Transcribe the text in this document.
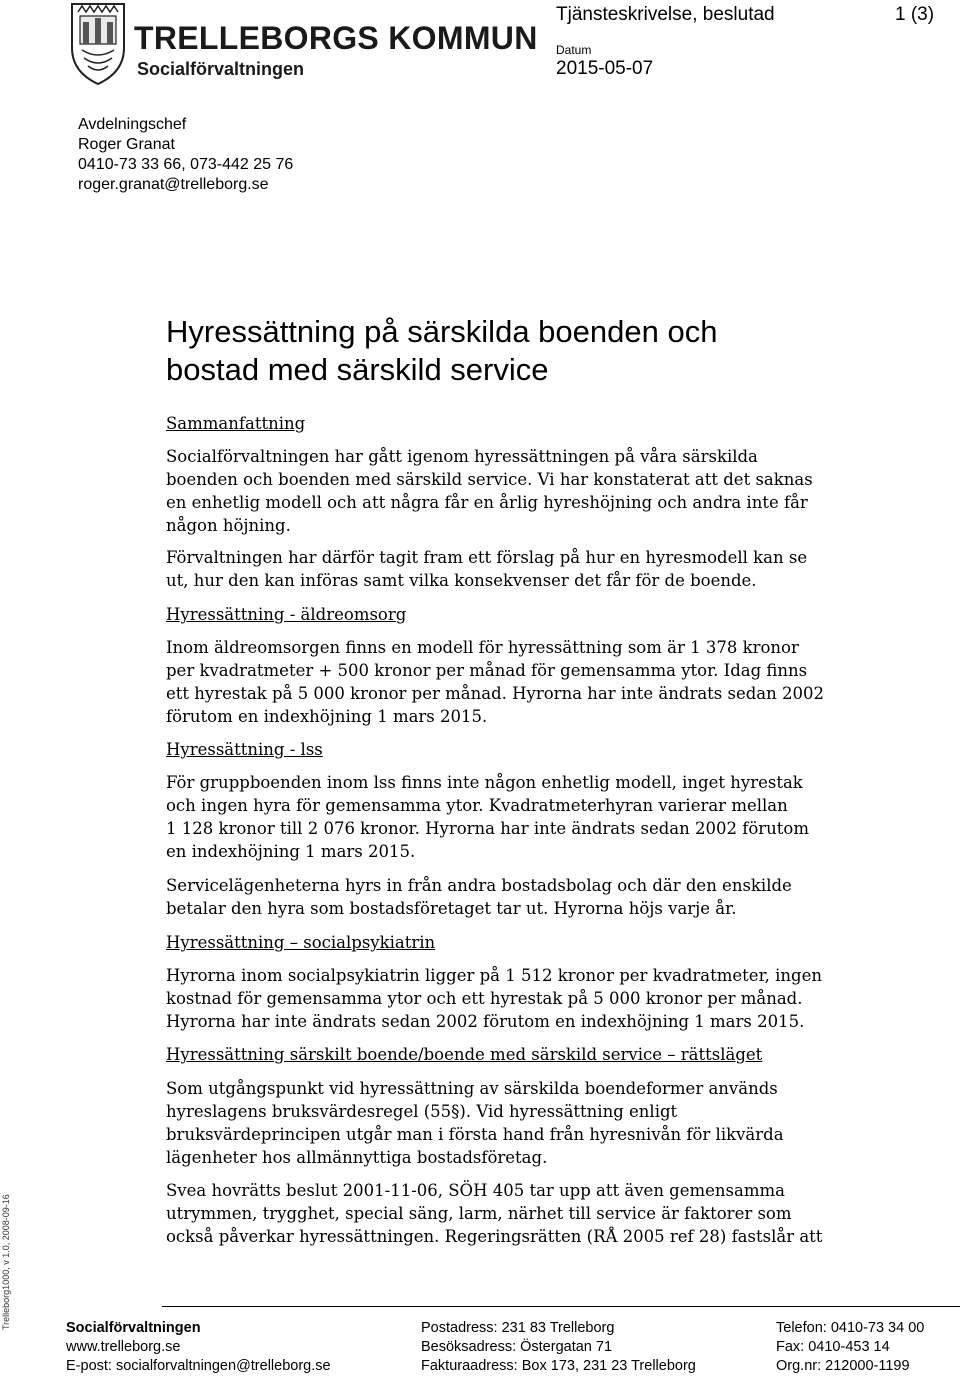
TRELLEBORGS KOMMUN
Socialförvaltningen
Tjänsteskrivelse, beslutad	1 (3)
Datum
2015-05-07
Avdelningschef
Roger Granat
0410-73 33 66, 073-442 25 76
roger.granat@trelleborg.se
Hyressättning på särskilda boenden och
bostad med särskild service

Sammanfattning

Socialförvaltningen har gått igenom hyressättningen på våra särskilda

boenden och boenden med särskild service. Vi har konstaterat att det saknas

en enhetlig modell och att några får en årlig hyreshöjning och andra inte får

någon höjning.

Förvaltningen har därför tagit fram ett förslag på hur en hyresmodell kan se

ut, hur den kan införas samt vilka konsekvenser det får för de boende.

Hyressättning - äldreomsorg

Inom äldreomsorgen finns en modell för hyressättning som är 1 378 kronor

per kvadratmeter + 500 kronor per månad för gemensamma ytor. Idag finns

ett hyrestak på 5 000 kronor per månad. Hyrorna har inte ändrats sedan 2002

förutom en indexhöjning 1 mars 2015.

Hyressättning - lss

För gruppboenden inom lss finns inte någon enhetlig modell, inget hyrestak

och ingen hyra för gemensamma ytor. Kvadratmeterhyran varierar mellan

1 128 kronor till 2 076 kronor. Hyrorna har inte ändrats sedan 2002 förutom

en indexhöjning 1 mars 2015.

Servicelägenheterna hyrs in från andra bostadsbolag och där den enskilde

betalar den hyra som bostadsföretaget tar ut. Hyrorna höjs varje år.

Hyressättning – socialpsykiatrin

Hyrorna inom socialpsykiatrin ligger på 1 512 kronor per kvadratmeter, ingen

kostnad för gemensamma ytor och ett hyrestak på 5 000 kronor per månad.

Hyrorna har inte ändrats sedan 2002 förutom en indexhöjning 1 mars 2015.

Hyressättning särskilt boende/boende med särskild service – rättsläget

Som utgångspunkt vid hyressättning av särskilda boendeformer används

hyreslagens bruksvärdesregel (55§). Vid hyressättning enligt

bruksvärdeprincipen utgår man i första hand från hyresnivån för likvärda

lägenheter hos allmännyttiga bostadsföretag.

Svea hovrätts beslut 2001-11-06, SÖH 405 tar upp att även gemensamma

utrymmen, trygghet, special säng, larm, närhet till service är faktorer som

också påverkar hyressättningen. Regeringsrätten (RÅ 2005 ref 28) fastslår att

Trelleborg1000, v 1.0, 2008-09-16	Socialförvaltningen
www.trelleborg.se
E-post: socialforvaltningen@trelleborg.se
Postadress: 231 83 Trelleborg
Besöksadress: Östergatan 71
Fakturaadress: Box 173, 231 23 Trelleborg
Telefon: 0410-73 34 00
Fax: 0410-453 14
Org.nr: 212000-1199
